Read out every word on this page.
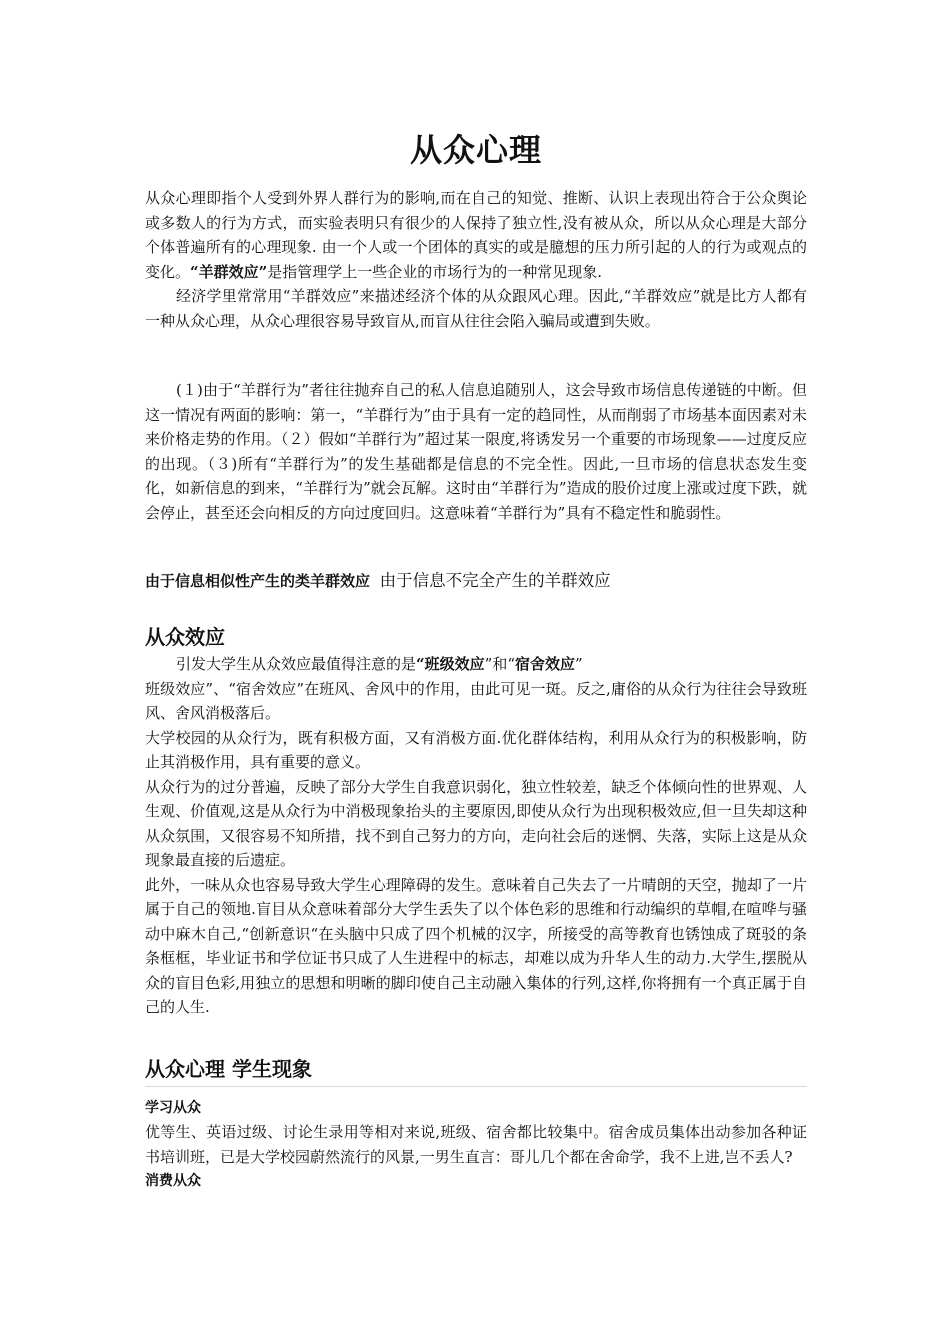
从众心理

从众心理即指个人受到外界人群行为的影响,而在自己的知觉、推断、认识上表现出符合于公众舆论或多数人的行为方式，而实验表明只有很少的人保持了独立性,没有被从众，所以从众心理是大部分个体普遍所有的心理现象. 由一个人或一个团体的真实的或是臆想的压力所引起的人的行为或观点的变化。“羊群效应”是指管理学上一些企业的市场行为的一种常见现象.

经济学里常常用“羊群效应”来描述经济个体的从众跟风心理。因此,“羊群效应”就是比方人都有一种从众心理，从众心理很容易导致盲从,而盲从往往会陷入骗局或遭到失败。

(１)由于“羊群行为”者往往抛弃自己的私人信息追随别人，这会导致市场信息传递链的中断。但这一情况有两面的影响：第一，“羊群行为”由于具有一定的趋同性，从而削弱了市场基本面因素对未来价格走势的作用。（２）假如“羊群行为”超过某一限度,将诱发另一个重要的市场现象——过度反应的出现。（３)所有“羊群行为”的发生基础都是信息的不完全性。因此,一旦市场的信息状态发生变化，如新信息的到来，“羊群行为”就会瓦解。这时由“羊群行为”造成的股价过度上涨或过度下跌，就会停止，甚至还会向相反的方向过度回归。这意味着“羊群行为”具有不稳定性和脆弱性。

由于信息相似性产生的类羊群效应 由于信息不完全产生的羊群效应
从众效应

引发大学生从众效应最值得注意的是“班级效应”和“宿舍效应”

班级效应”、“宿舍效应”在班风、舍风中的作用，由此可见一斑。反之,庸俗的从众行为往往会导致班风、舍风消极落后。

大学校园的从众行为，既有积极方面，又有消极方面.优化群体结构，利用从众行为的积极影响，防止其消极作用，具有重要的意义。

从众行为的过分普遍，反映了部分大学生自我意识弱化，独立性较差，缺乏个体倾向性的世界观、人生观、价值观,这是从众行为中消极现象抬头的主要原因,即使从众行为出现积极效应,但一旦失却这种从众氛围，又很容易不知所措，找不到自己努力的方向，走向社会后的迷惘、失落，实际上这是从众现象最直接的后遗症。

此外，一味从众也容易导致大学生心理障碍的发生。意味着自己失去了一片晴朗的天空，抛却了一片属于自己的领地.盲目从众意味着部分大学生丢失了以个体色彩的思维和行动编织的草帽,在喧哗与骚动中麻木自己,“创新意识“在头脑中只成了四个机械的汉字，所接受的高等教育也锈蚀成了斑驳的条条框框，毕业证书和学位证书只成了人生进程中的标志，却难以成为升华人生的动力.大学生,摆脱从众的盲目色彩,用独立的思想和明晰的脚印使自己主动融入集体的行列,这样,你将拥有一个真正属于自己的人生.

从众心理 学生现象

学习从众

优等生、英语过级、讨论生录用等相对来说,班级、宿舍都比较集中。宿舍成员集体出动参加各种证书培训班，已是大学校园蔚然流行的风景,一男生直言：哥儿几个都在舍命学，我不上进,岂不丢人?

消费从众
